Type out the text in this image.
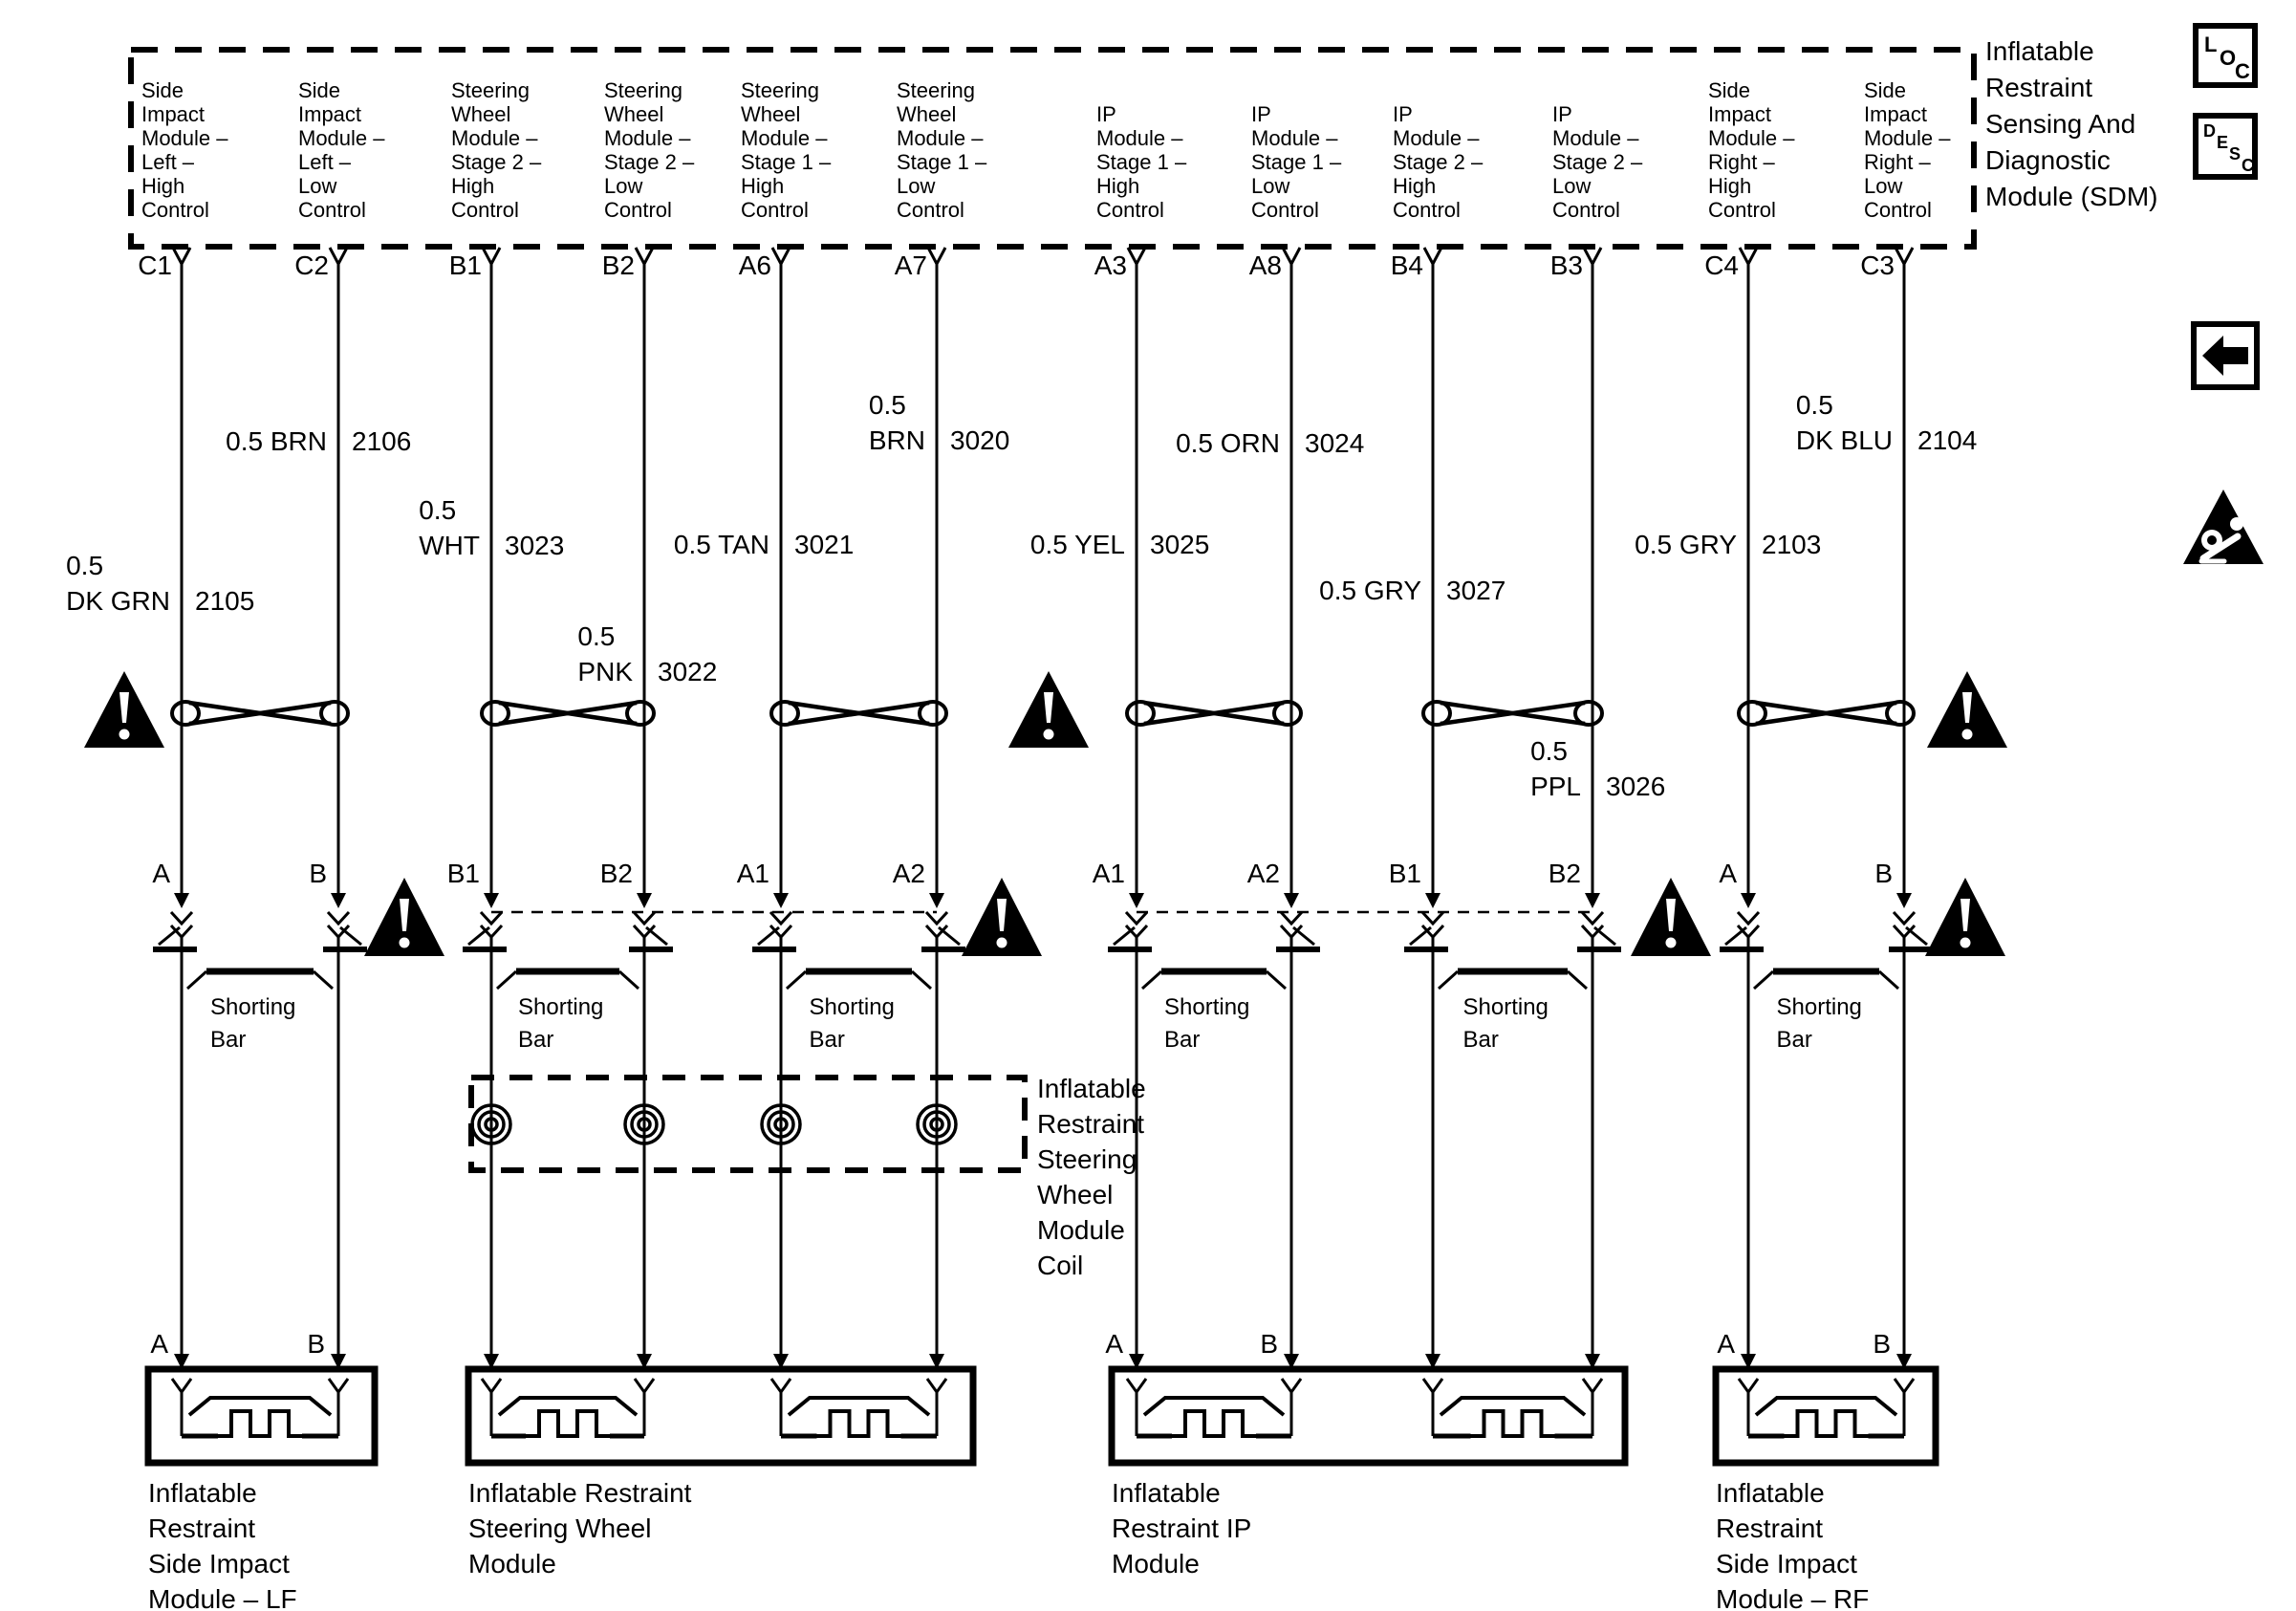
Inflatable
Restraint
Sensing And
Diagnostic
Module (SDM)
L
O
C
D
E
S
C
Side
Impact
Module –
Left –
High
Control
C1
DK GRN
0.5
2105
A
A
Side
Impact
Module –
Left –
Low
Control
C2
0.5 BRN 2106
B
B
Steering
Wheel
Module –
Stage 2 –
High
Control
B1
WHT
0.5
3023
B1
Steering
Wheel
Module –
Stage 2 –
Low
Control
B2
PNK
0.5
3022
B2
Steering
Wheel
Module –
Stage 1 –
High
Control
A6
0.5 TAN 3021
A1
Steering
Wheel
Module –
Stage 1 –
Low
Control
A7
BRN
0.5
3020
A2
IP
Module –
Stage 1 –
High
Control
A3
0.5 YEL 3025
A1
A
IP
Module –
Stage 1 –
Low
Control
A8
0.5 ORN 3024
A2
B
IP
Module –
Stage 2 –
High
Control
B4
0.5 GRY 3027
B1
IP
Module –
Stage 2 –
Low
Control
B3
PPL
0.5
3026
B2
Side
Impact
Module –
Right –
High
Control
C4
0.5 GRY 2103
A
A
Side
Impact
Module –
Right –
Low
Control
C3
DK BLU
0.5
2104
B
B
Shorting
Bar
Shorting
Bar
Shorting
Bar
Shorting
Bar
Shorting
Bar
Shorting
Bar
Inflatable
Restraint
Steering
Wheel
Module
Coil
Inflatable
Restraint
Side Impact
Module – LF
Inflatable Restraint
Steering Wheel
Module
Inflatable
Restraint IP
Module
Inflatable
Restraint
Side Impact
Module – RF
